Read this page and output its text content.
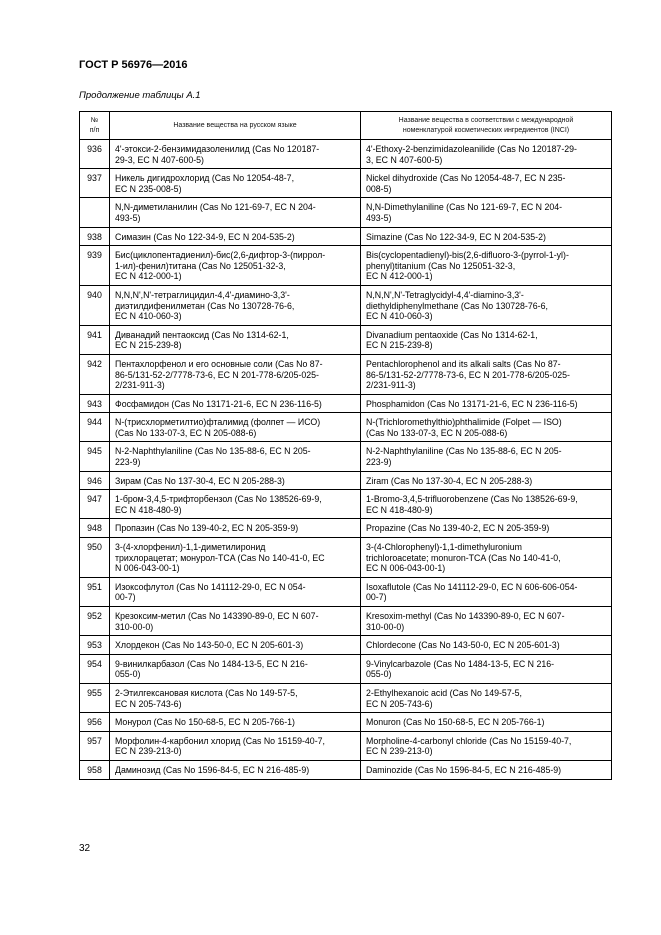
ГОСТ Р 56976—2016
Продолжение таблицы А.1
№
п/п	Название вещества на русском языке	Название вещества в соответствии с международной
номенклатурой косметических ингредиентов (INCI)
936	4'-этокси-2-бензимидазоленилид (Cas No 120187-
29-3, EC N 407-600-5)	4'-Ethoxy-2-benzimidazoleanilide (Cas No 120187-29-
3, EC N 407-600-5)
937	Никель дигидрохлорид (Cas No 12054-48-7,
EC N 235-008-5)	Nickel dihydroxide (Cas No 12054-48-7, EC N 235-
008-5)
	N,N-диметиланилин (Cas No 121-69-7, EC N 204-
493-5)	N,N-Dimethylaniline (Cas No 121-69-7, EC N 204-
493-5)
938	Симазин (Cas No 122-34-9, EC N 204-535-2)	Simazine (Cas No 122-34-9, EC N 204-535-2)
939	Бис(циклопентадиенил)-бис(2,6-дифтор-3-(пиррол-
1-ил)-фенил)титана (Cas No 125051-32-3,
EC N 412-000-1)	Bis(cyclopentadienyl)-bis(2,6-difluoro-3-(pyrrol-1-yl)-
phenyl)titanium (Cas No 125051-32-3,
EC N 412-000-1)
940	N,N,N',N'-тетраглицидил-4,4'-диамино-3,3'-
диэтилдифенилметан (Cas No 130728-76-6,
EC N 410-060-3)	N,N,N',N'-Tetraglycidyl-4,4'-diamino-3,3'-
diethyldiphenylmethane (Cas No 130728-76-6,
EC N 410-060-3)
941	Диванадий пентаоксид (Cas No 1314-62-1,
EC N 215-239-8)	Divanadium pentaoxide (Cas No 1314-62-1,
EC N 215-239-8)
942	Пентахлорфенол и его основные соли (Cas No 87-
86-5/131-52-2/7778-73-6, EC N 201-778-6/205-025-
2/231-911-3)	Pentachlorophenol and its alkali salts (Cas No 87-
86-5/131-52-2/7778-73-6, EC N 201-778-6/205-025-
2/231-911-3)
943	Фосфамидон (Cas No 13171-21-6, EC N 236-116-5)	Phosphamidon (Cas No 13171-21-6, EC N 236-116-5)
944	N-(трисхлорметилтио)фталимид (фолпет — ИСО)
(Cas No 133-07-3, EC N 205-088-6)	N-(Trichloromethylthio)phthalimide (Folpet — ISO)
(Cas No 133-07-3, EC N 205-088-6)
945	N-2-Naphthylaniline (Cas No 135-88-6, EC N 205-
223-9)	N-2-Naphthylaniline (Cas No 135-88-6, EC N 205-
223-9)
946	Зирам (Cas No 137-30-4, EC N 205-288-3)	Ziram (Cas No 137-30-4, EC N 205-288-3)
947	1-бром-3,4,5-трифторбензол (Cas No 138526-69-9,
EC N 418-480-9)	1-Bromo-3,4,5-trifluorobenzene (Cas No 138526-69-9,
EC N 418-480-9)
948	Пропазин (Cas No 139-40-2, EC N 205-359-9)	Propazine (Cas No 139-40-2, EC N 205-359-9)
950	3-(4-хлорфенил)-1,1-диметилиронид
трихлорацетат; монурол-TCA (Cas No 140-41-0, EC
N 006-043-00-1)	3-(4-Chlorophenyl)-1,1-dimethyluronium
trichloroacetate; monuron-TCA (Cas No 140-41-0,
EC N 006-043-00-1)
951	Изоксофлутол (Cas No 141112-29-0, EC N 054-
00-7)	Isoxaflutole (Cas No 141112-29-0, EC N 606-606-054-
00-7)
952	Крезоксим-метил (Cas No 143390-89-0, EC N 607-
310-00-0)	Kresoxim-methyl (Cas No 143390-89-0, EC N 607-
310-00-0)
953	Хлордекон (Cas No 143-50-0, EC N 205-601-3)	Chlordecone (Cas No 143-50-0, EC N 205-601-3)
954	9-винилкарбазол (Cas No 1484-13-5, EC N 216-
055-0)	9-Vinylcarbazole (Cas No 1484-13-5, EC N 216-
055-0)
955	2-Этилгексановая кислота (Cas No 149-57-5,
EC N 205-743-6)	2-Ethylhexanoic acid (Cas No 149-57-5,
EC N 205-743-6)
956	Монурол (Cas No 150-68-5, EC N 205-766-1)	Monuron (Cas No 150-68-5, EC N 205-766-1)
957	Морфолин-4-карбонил хлорид (Cas No 15159-40-7,
EC N 239-213-0)	Morpholine-4-carbonyl chloride (Cas No 15159-40-7,
EC N 239-213-0)
958	Даминозид (Cas No 1596-84-5, EC N 216-485-9)	Daminozide (Cas No 1596-84-5, EC N 216-485-9)
32
